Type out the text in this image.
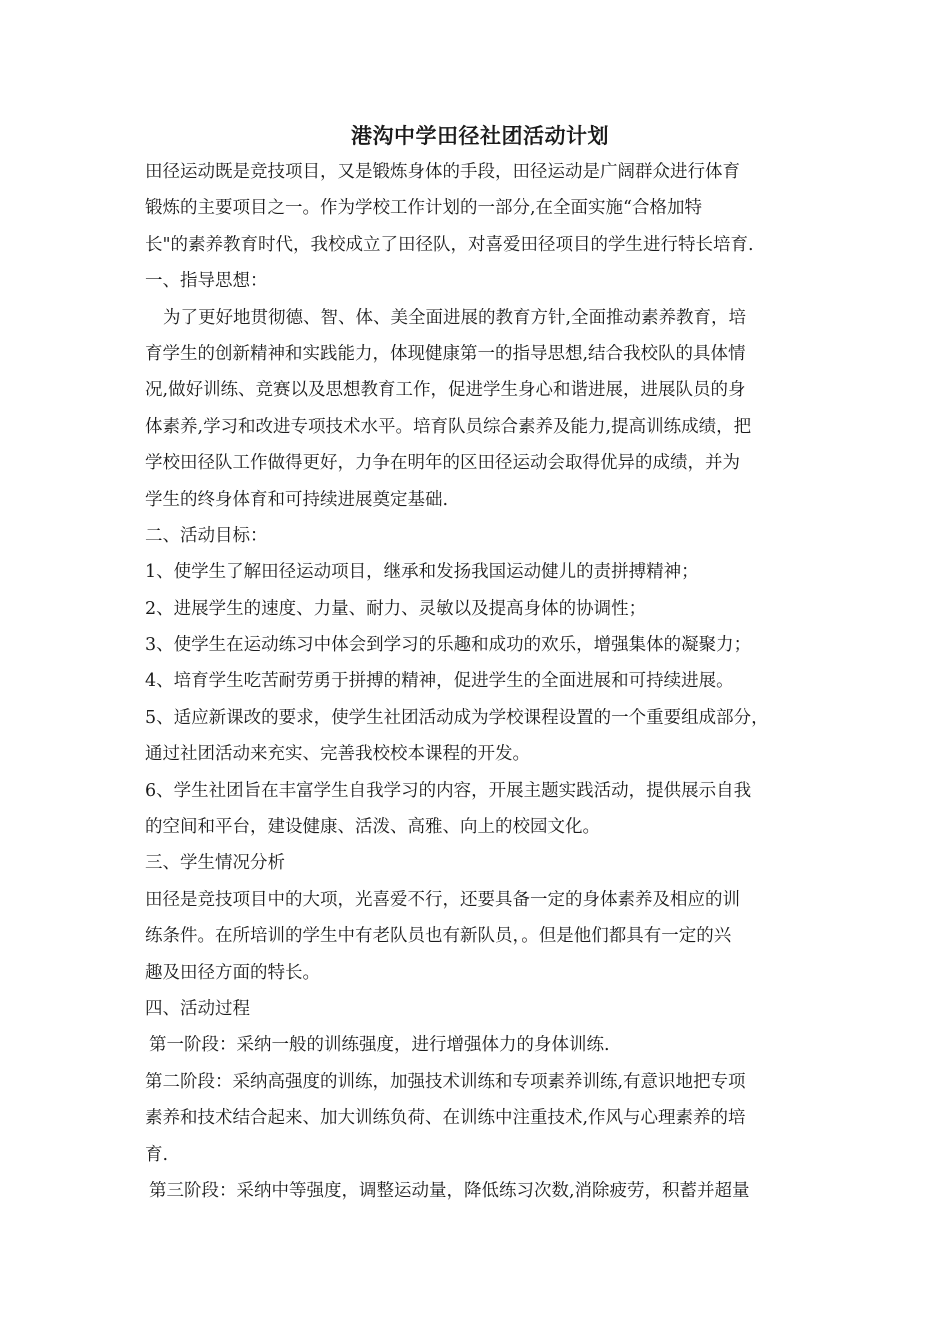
港沟中学田径社团活动计划

田径运动既是竞技项目，又是锻炼身体的手段，田径运动是广阔群众进行体育

锻炼的主要项目之一。作为学校工作计划的一部分,在全面实施“合格加特

长"的素养教育时代，我校成立了田径队，对喜爱田径项目的学生进行特长培育.

一、指导思想：

为了更好地贯彻德、智、体、美全面进展的教育方针,全面推动素养教育，培

育学生的创新精神和实践能力，体现健康第一的指导思想,结合我校队的具体情

况,做好训练、竞赛以及思想教育工作，促进学生身心和谐进展，进展队员的身

体素养,学习和改进专项技术水平。培育队员综合素养及能力,提高训练成绩，把

学校田径队工作做得更好，力争在明年的区田径运动会取得优异的成绩，并为

学生的终身体育和可持续进展奠定基础.

二、活动目标：

1、使学生了解田径运动项目，继承和发扬我国运动健儿的责拼搏精神；

2、进展学生的速度、力量、耐力、灵敏以及提高身体的协调性；

3、使学生在运动练习中体会到学习的乐趣和成功的欢乐，增强集体的凝聚力；

4、培育学生吃苦耐劳勇于拼搏的精神，促进学生的全面进展和可持续进展。

5、适应新课改的要求，使学生社团活动成为学校课程设置的一个重要组成部分，

通过社团活动来充实、完善我校校本课程的开发。

6、学生社团旨在丰富学生自我学习的内容，开展主题实践活动，提供展示自我

的空间和平台，建设健康、活泼、高雅、向上的校园文化。

三、学生情况分析

田径是竞技项目中的大项，光喜爱不行，还要具备一定的身体素养及相应的训

练条件。在所培训的学生中有老队员也有新队员，。但是他们都具有一定的兴

趣及田径方面的特长。

四、活动过程

第一阶段：采纳一般的训练强度，进行增强体力的身体训练.

第二阶段：采纳高强度的训练，加强技术训练和专项素养训练,有意识地把专项

素养和技术结合起来、加大训练负荷、在训练中注重技术,作风与心理素养的培

育.

第三阶段：采纳中等强度，调整运动量，降低练习次数,消除疲劳，积蓄并超量
